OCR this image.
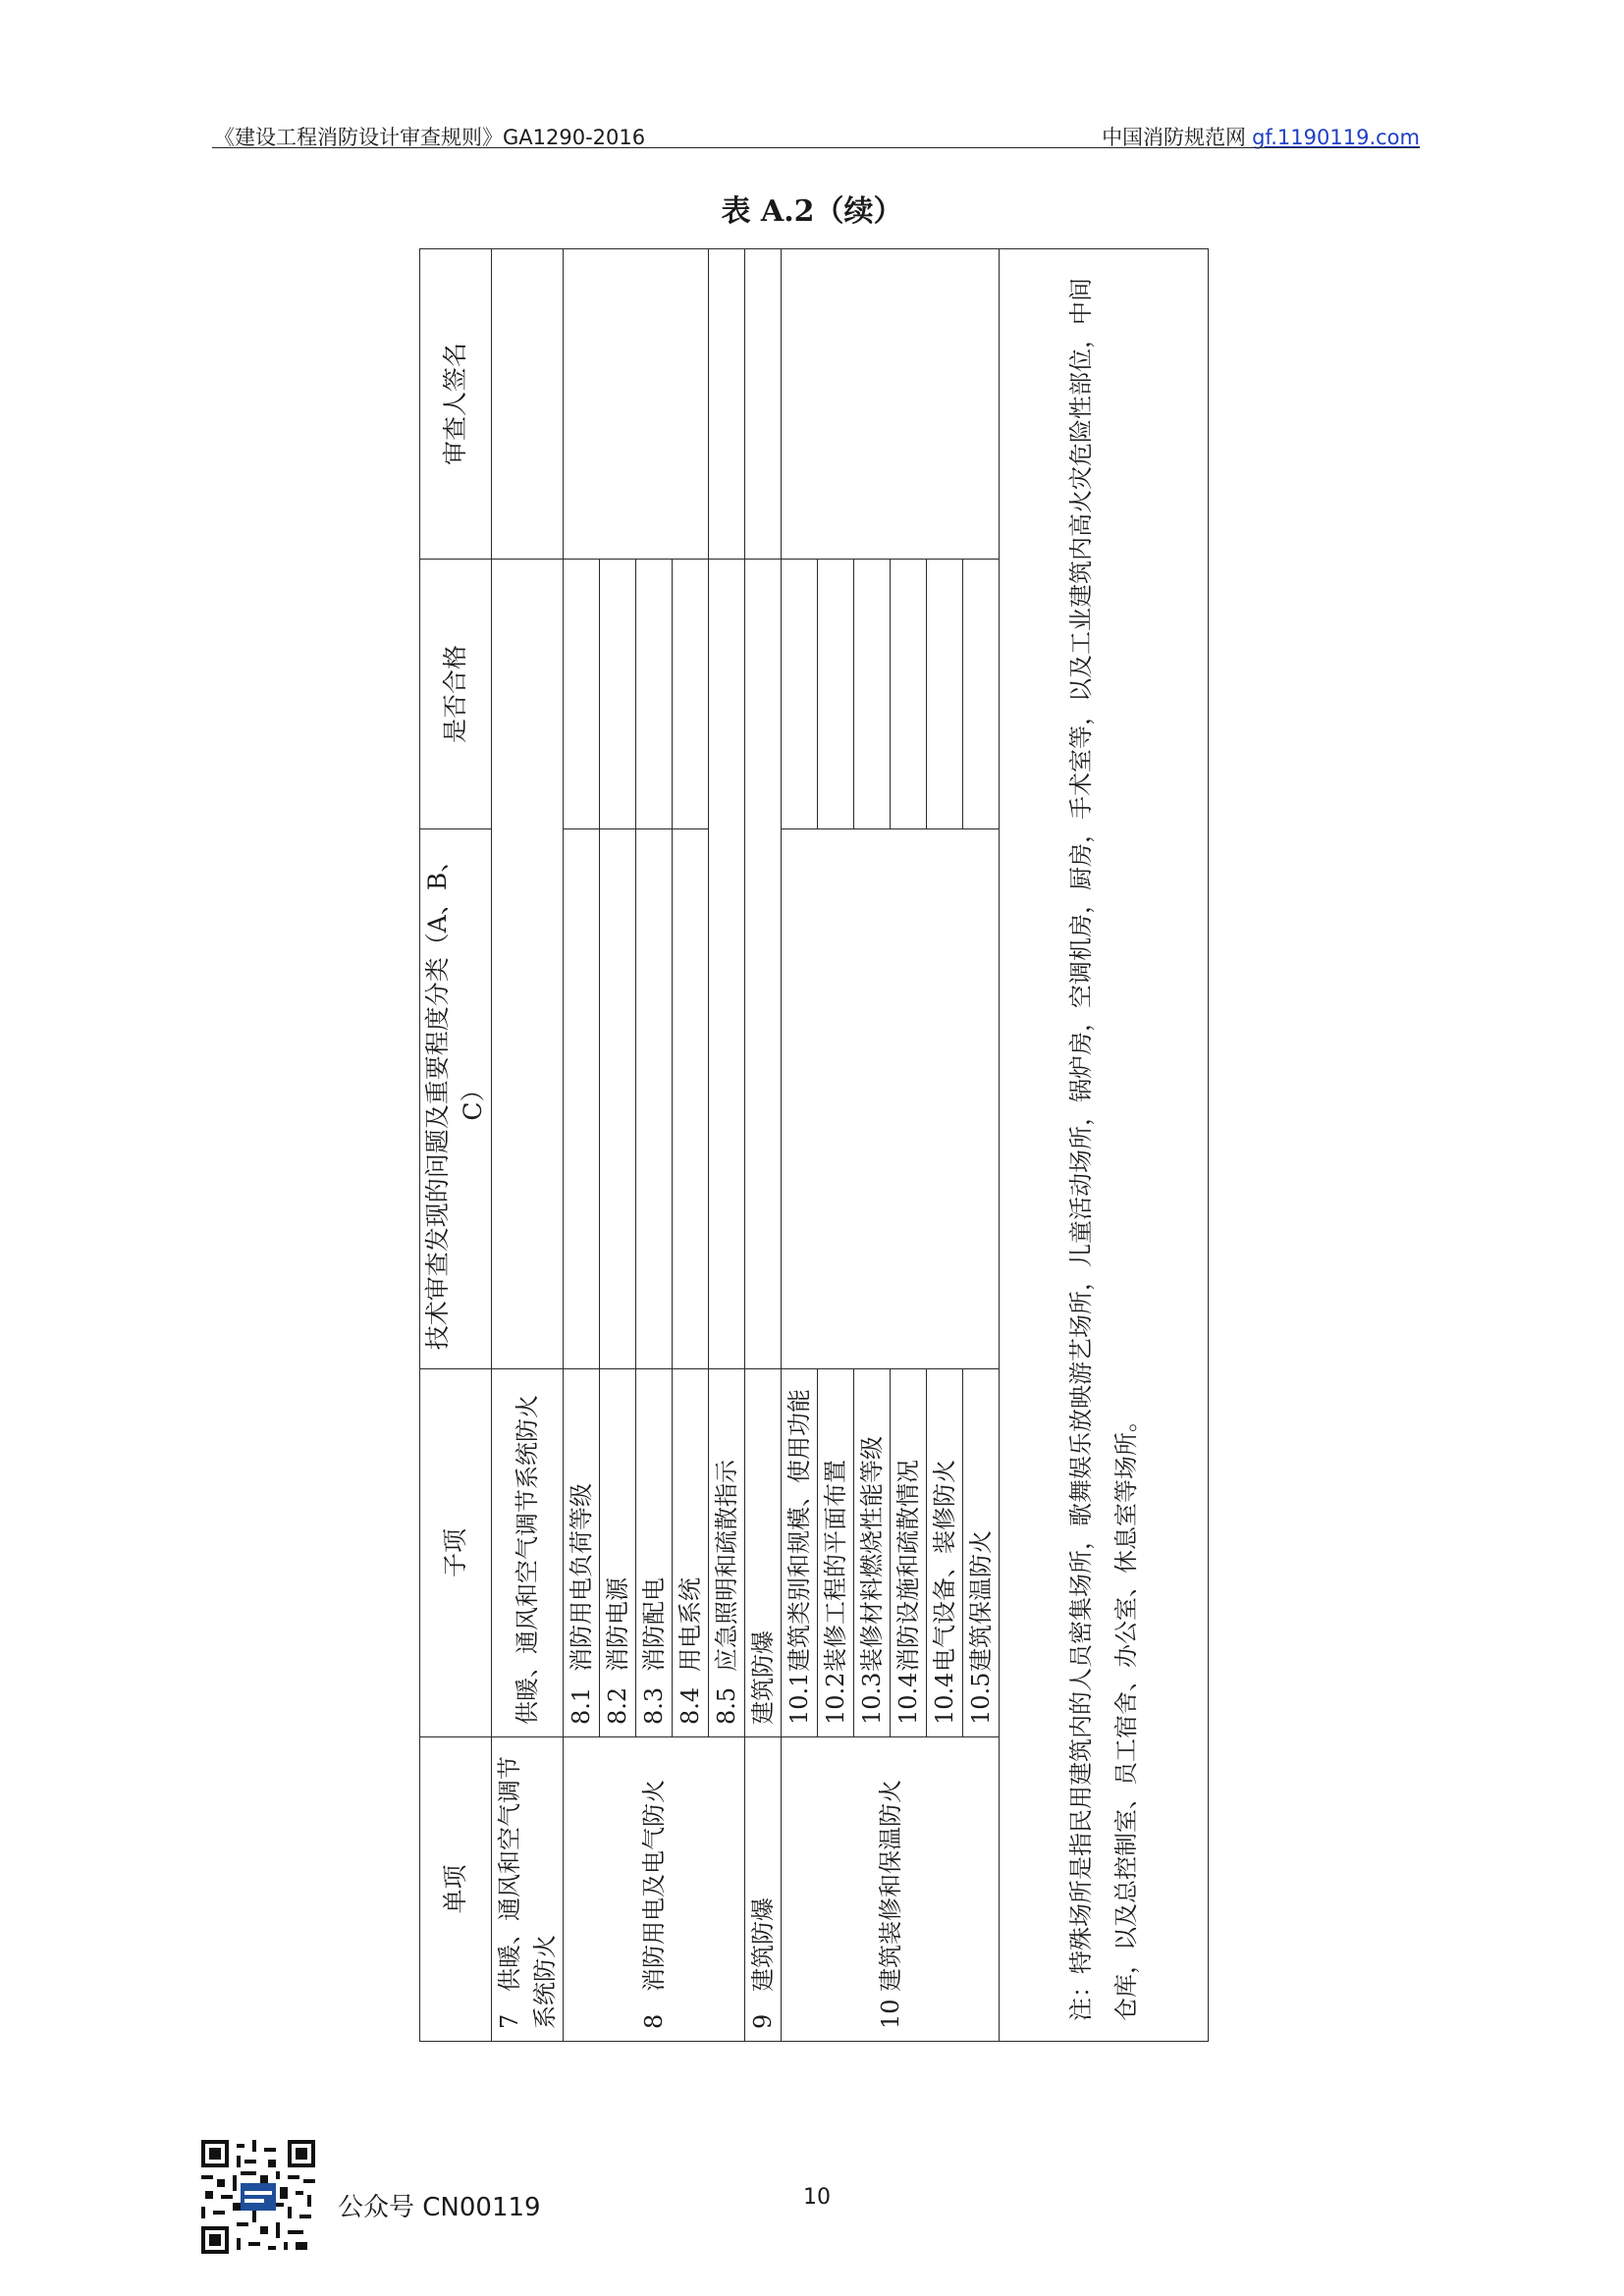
《建设工程消防设计审查规则》GA1290-2016	中国消防规范网 gf.1190119.com
表 A.2（续）
单项	子项	技术审查发现的问题及重要程度分类（A、B、C）	是否合格	审查人签名
7供暖、通风和空气调节系统防火	供暖、通风和空气调节系统防火			
8消防用电及电气防火	8.1消防用电负荷等级			
	8.2消防电源			
	8.3消防配电			
	8.4用电系统			
	8.5应急照明和疏散指示			
9建筑防爆	建筑防爆			
10建筑装修和保温防火	10.1建筑类别和规模、使用功能			
	10.2装修工程的平面布置			
	10.3装修材料燃烧性能等级			
	10.4消防设施和疏散情况			
	10.4电气设备、装修防火			
	10.5建筑保温防火			
注：特殊场所是指民用建筑内的人员密集场所，歌舞娱乐放映游艺场所，儿童活动场所，锅炉房，空调机房，厨房，手术室等，以及工业建筑内高火灾危险性部位，中间仓库，以及总控制室、员工宿舍、办公室、休息室等场所。				
公众号 CN00119	10
